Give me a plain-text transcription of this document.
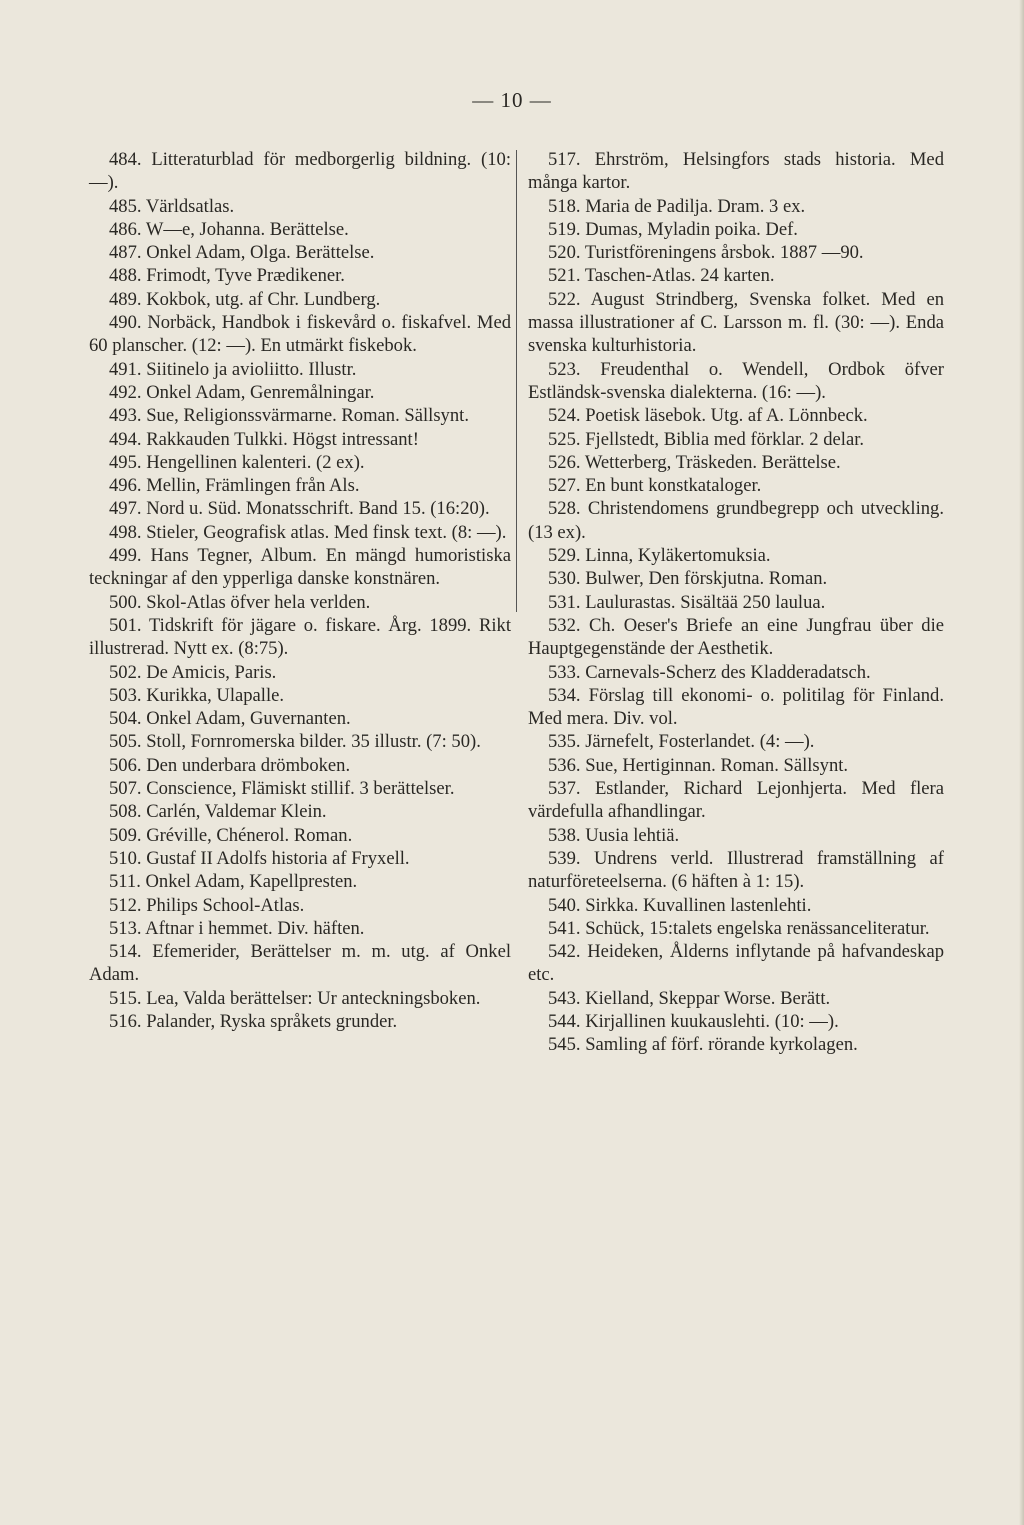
— 10 —

484. Litteraturblad för medborgerlig bildning. (10: —).

485. Världsatlas.

486. W—e, Johanna. Berättelse.

487. Onkel Adam, Olga. Berättelse.

488. Frimodt, Tyve Prædikener.

489. Kokbok, utg. af Chr. Lundberg.

490. Norbäck, Handbok i fiskevård o. fiskafvel. Med 60 planscher. (12: —). En utmärkt fiskebok.

491. Siitinelo ja avioliitto. Illustr.

492. Onkel Adam, Genremålningar.

493. Sue, Religionssvärmarne. Roman. Sällsynt.

494. Rakkauden Tulkki. Högst intressant!

495. Hengellinen kalenteri. (2 ex).

496. Mellin, Främlingen från Als.

497. Nord u. Süd. Monatsschrift. Band 15. (16:20).

498. Stieler, Geografisk atlas. Med finsk text. (8: —).

499. Hans Tegner, Album. En mängd humoristiska teckningar af den ypperliga danske konstnären.

500. Skol-Atlas öfver hela verlden.

501. Tidskrift för jägare o. fiskare. Årg. 1899. Rikt illustrerad. Nytt ex. (8:75).

502. De Amicis, Paris.

503. Kurikka, Ulapalle.

504. Onkel Adam, Guvernanten.

505. Stoll, Fornromerska bilder. 35 illustr. (7: 50).

506. Den underbara drömboken.

507. Conscience, Flämiskt stillif. 3 berättelser.

508. Carlén, Valdemar Klein.

509. Gréville, Chénerol. Roman.

510. Gustaf II Adolfs historia af Fryxell.

511. Onkel Adam, Kapellpresten.

512. Philips School-Atlas.

513. Aftnar i hemmet. Div. häften.

514. Efemerider, Berättelser m. m. utg. af Onkel Adam.

515. Lea, Valda berättelser: Ur anteckningsboken.

516. Palander, Ryska språkets grunder.

517. Ehrström, Helsingfors stads historia. Med många kartor.

518. Maria de Padilja. Dram. 3 ex.

519. Dumas, Myladin poika. Def.

520. Turistföreningens årsbok. 1887 —90.

521. Taschen-Atlas. 24 karten.

522. August Strindberg, Svenska folket. Med en massa illustrationer af C. Larsson m. fl. (30: —). Enda svenska kulturhistoria.

523. Freudenthal o. Wendell, Ordbok öfver Estländsk-svenska dialekterna. (16: —).

524. Poetisk läsebok. Utg. af A. Lönnbeck.

525. Fjellstedt, Biblia med förklar. 2 delar.

526. Wetterberg, Träskeden. Berättelse.

527. En bunt konstkataloger.

528. Christendomens grundbegrepp och utveckling. (13 ex).

529. Linna, Kyläkertomuksia.

530. Bulwer, Den förskjutna. Roman.

531. Laulurastas. Sisältää 250 laulua.

532. Ch. Oeser's Briefe an eine Jungfrau über die Hauptgegenstände der Aesthetik.

533. Carnevals-Scherz des Kladderadatsch.

534. Förslag till ekonomi- o. politilag för Finland. Med mera. Div. vol.

535. Järnefelt, Fosterlandet. (4: —).

536. Sue, Hertiginnan. Roman. Sällsynt.

537. Estlander, Richard Lejonhjerta. Med flera värdefulla afhandlingar.

538. Uusia lehtiä.

539. Undrens verld. Illustrerad framställning af naturföreteelserna. (6 häften à 1: 15).

540. Sirkka. Kuvallinen lastenlehti.

541. Schück, 15:talets engelska renässanceliteratur.

542. Heideken, Ålderns inflytande på hafvandeskap etc.

543. Kielland, Skeppar Worse. Berätt.

544. Kirjallinen kuukauslehti. (10: —).

545. Samling af förf. rörande kyrkolagen.
